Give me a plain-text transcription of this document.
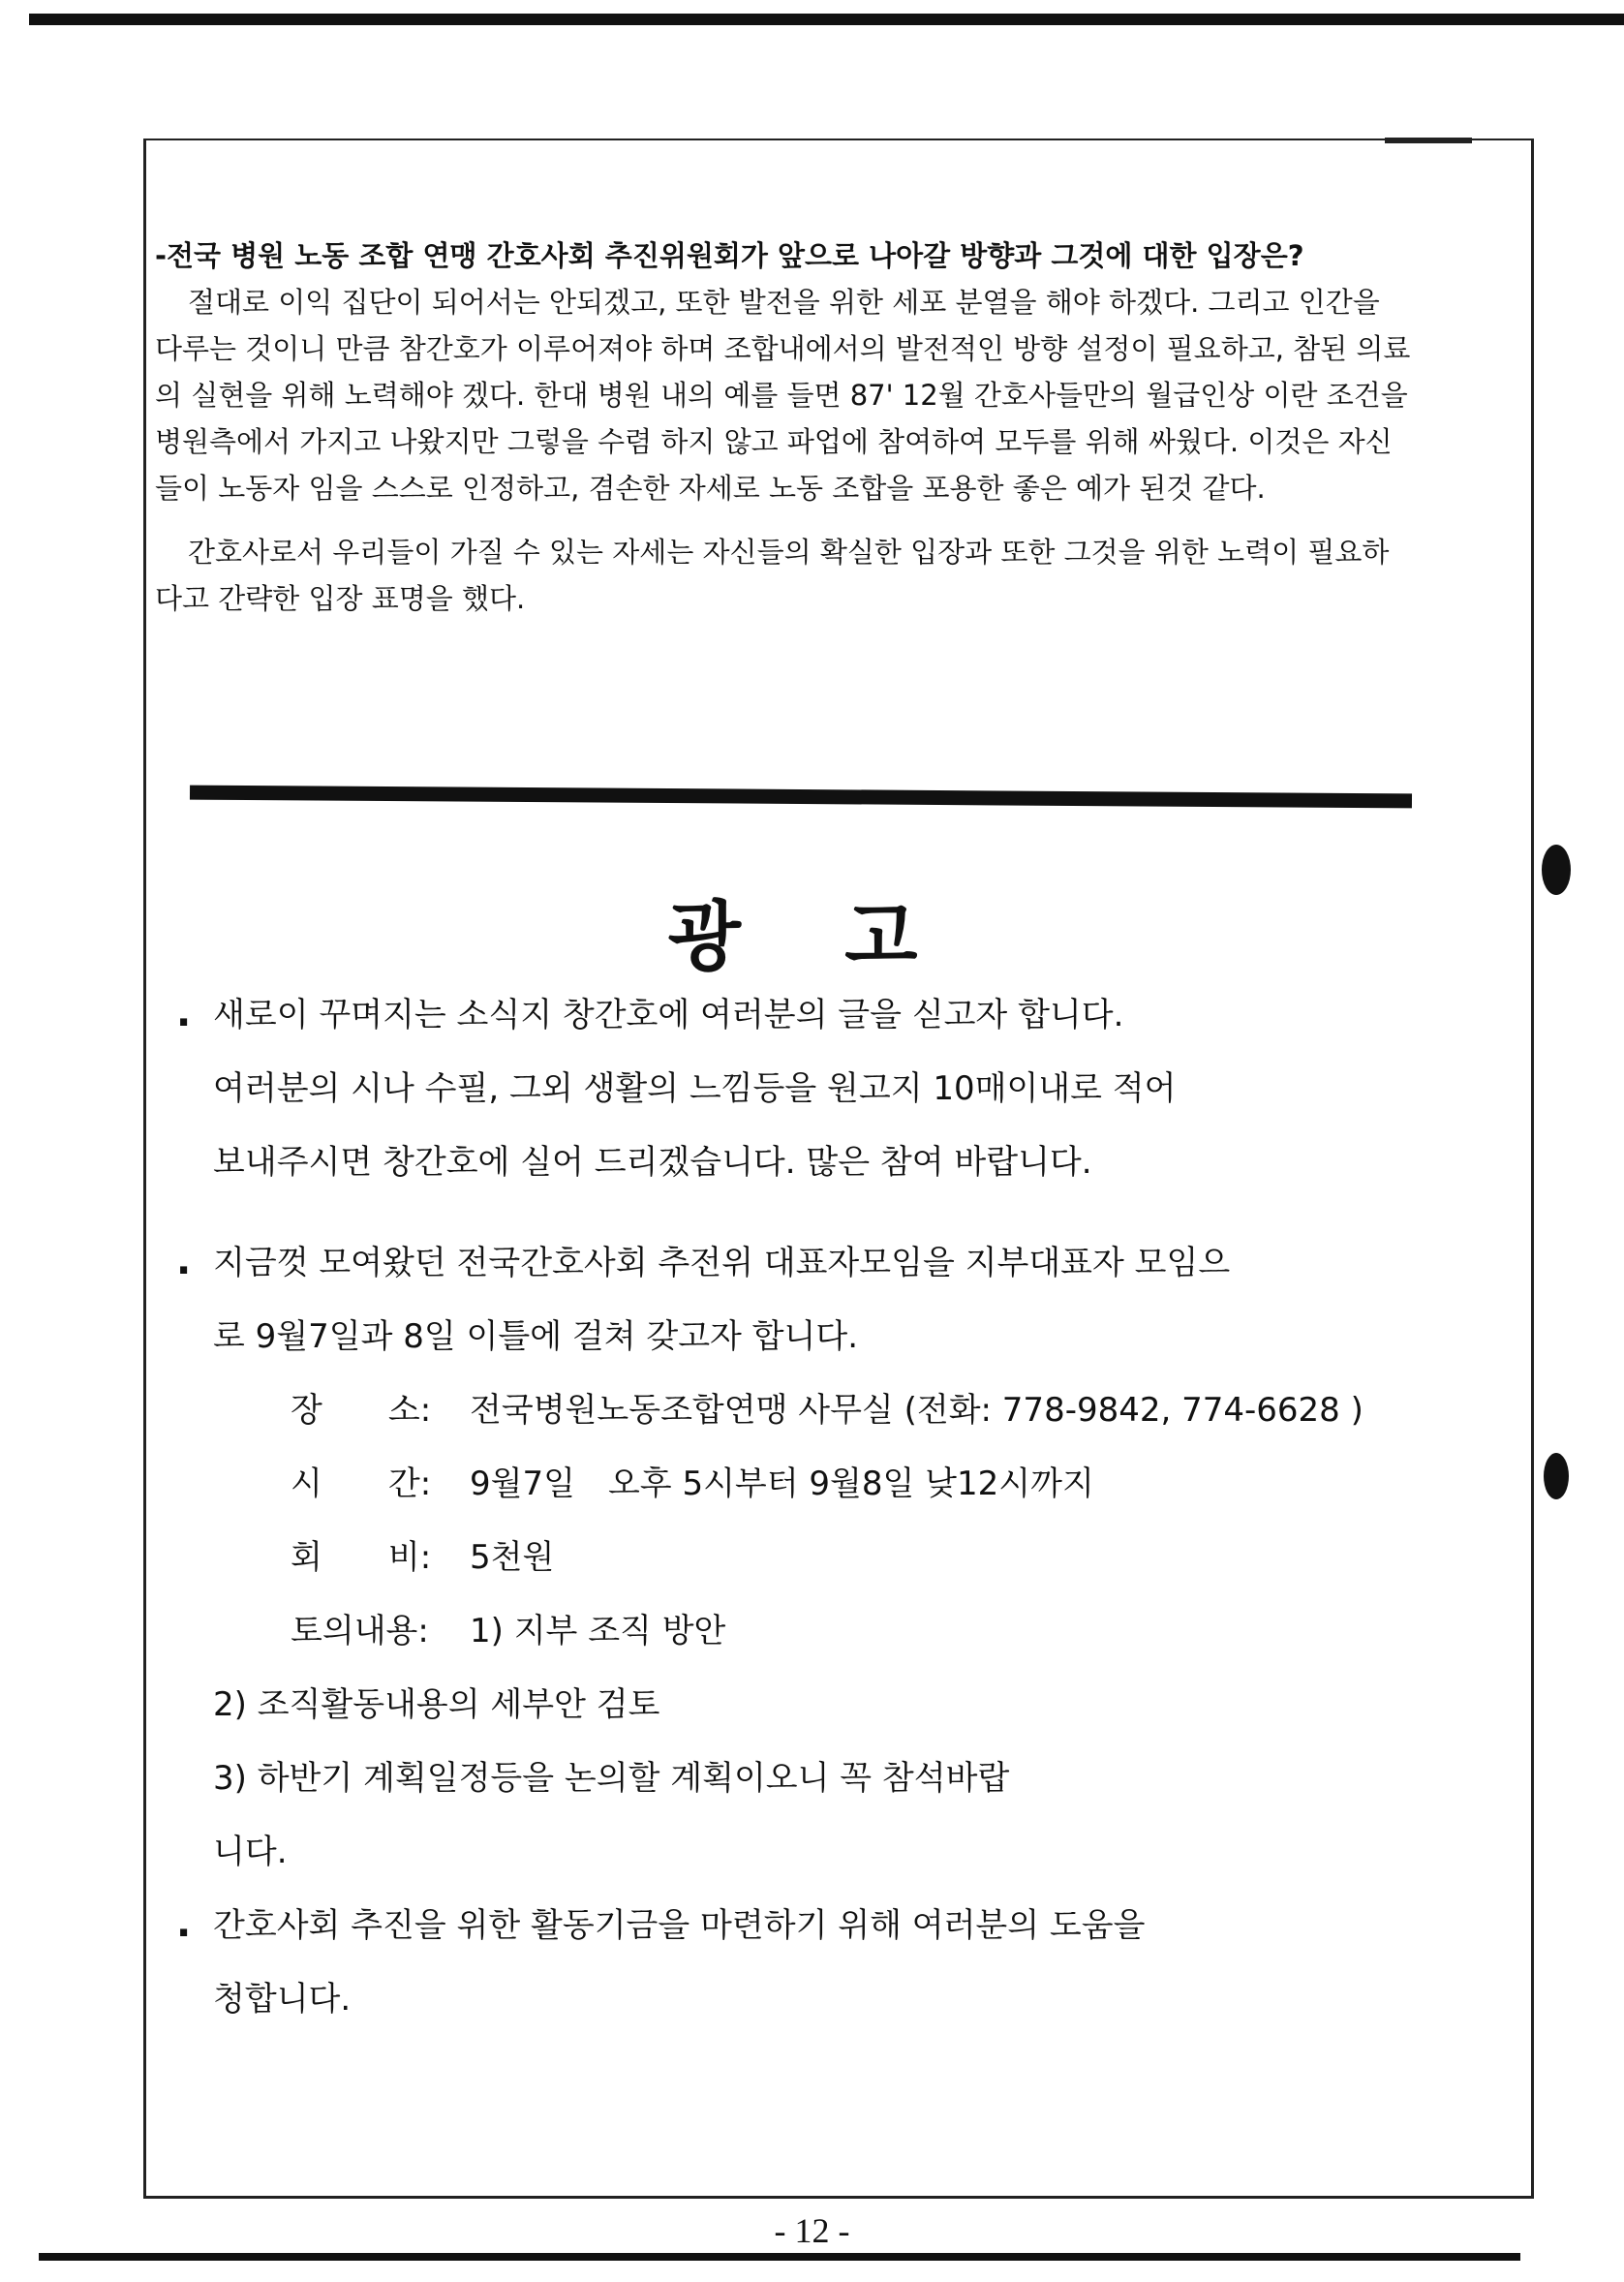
-전국 병원 노동 조합 연맹 간호사회 추진위원회가 앞으로 나아갈 방향과 그것에 대한 입장은?

절대로 이익 집단이 되어서는 안되겠고, 또한 발전을 위한 세포 분열을 해야 하겠다. 그리고 인간을 다루는 것이니 만큼 참간호가 이루어져야 하며 조합내에서의 발전적인 방향 설정이 필요하고, 참된 의료의 실현을 위해 노력해야 겠다. 한대 병원 내의 예를 들면 87' 12월 간호사들만의 월급인상 이란 조건을 병원측에서 가지고 나왔지만 그렇을 수렴 하지 않고 파업에 참여하여 모두를 위해 싸웠다. 이것은 자신들이 노동자 임을 스스로 인정하고, 겸손한 자세로 노동 조합을 포용한 좋은 예가 된것 같다.

간호사로서 우리들이 가질 수 있는 자세는 자신들의 확실한 입장과 또한 그것을 위한 노력이 필요하다고 간략한 입장 표명을 했다.

광 고

· 새로이 꾸며지는 소식지 창간호에 여러분의 글을 싣고자 합니다.

여러분의 시나 수필, 그외 생활의 느낌등을 원고지 10매이내로 적어

보내주시면 창간호에 실어 드리겠습니다. 많은 참여 바랍니다.

· 지금껏 모여왔던 전국간호사회 추전위 대표자모임을 지부대표자 모임으

로 9월7일과 8일 이틀에 걸쳐 갖고자 합니다.

장　　소:	전국병원노동조합연맹 사무실 (전화: 778-9842, 774-6628 )
시　　간:	9월7일　오후 5시부터 9월8일 낮12시까지
회　　비:	5천원
토의내용:	1) 지부 조직 방안

2) 조직활동내용의 세부안 검토

3) 하반기 계획일정등을 논의할 계획이오니 꼭 참석바랍

니다.

· 간호사회 추진을 위한 활동기금을 마련하기 위해 여러분의 도움을

청합니다.

- 12 -
